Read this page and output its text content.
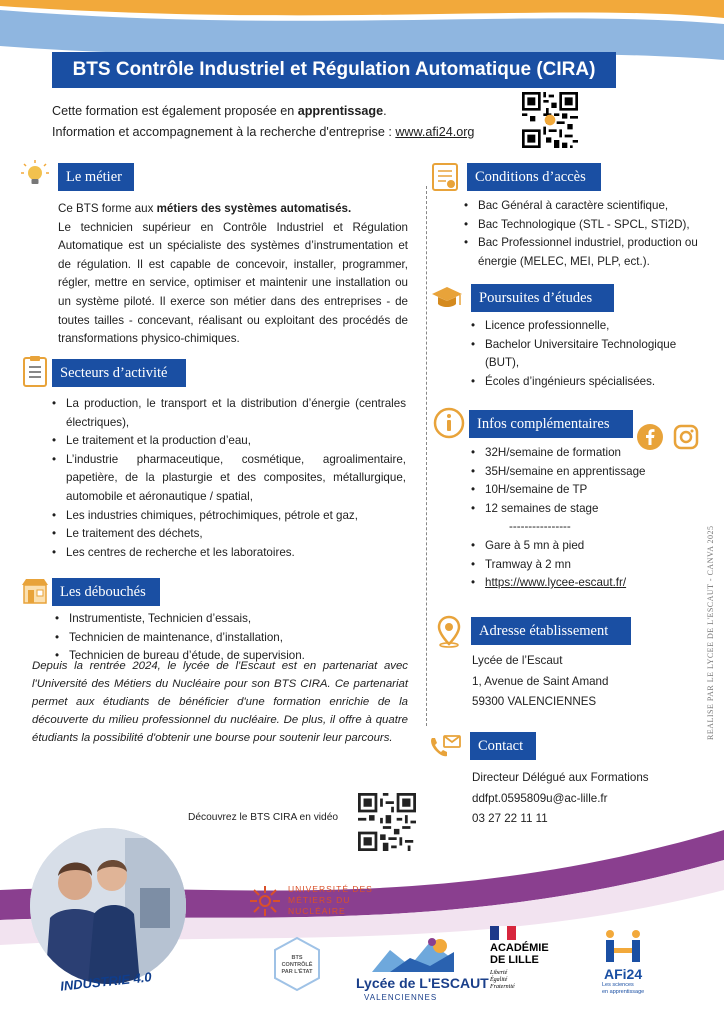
BTS Contrôle Industriel et Régulation Automatique (CIRA)
Cette formation est également proposée en apprentissage.
Information et accompagnement à la recherche d'entreprise : www.afi24.org
Le métier
Ce BTS forme aux métiers des systèmes automatisés.
Le technicien supérieur en Contrôle Industriel et Régulation Automatique est un spécialiste des systèmes d’instrumentation et de régulation. Il est capable de concevoir, installer, programmer, régler, mettre en service, optimiser et maintenir une installation ou un système piloté. Il exerce son métier dans des entreprises - de toutes tailles - concevant, réalisant ou exploitant des procédés de transformations physico-chimiques.
Secteurs d’activité
• La production, le transport et la distribution d’énergie (centrales électriques),
• Le traitement et la production d’eau,
• L’industrie pharmaceutique, cosmétique, agroalimentaire, papetière, de la plasturgie et des composites, métallurgique, automobile et aéronautique / spatial,
• Les industries chimiques, pétrochimiques, pétrole et gaz,
• Le traitement des déchets,
• Les centres de recherche et les laboratoires.
Les débouchés
• Instrumentiste, Technicien d’essais,
• Technicien de maintenance, d’installation,
• Technicien de bureau d’étude, de supervision.
Depuis la rentrée 2024, le lycée de l'Escaut est en partenariat avec l'Université des Métiers du Nucléaire pour son BTS CIRA. Ce partenariat permet aux étudiants de bénéficier d'une formation enrichie de la découverte du milieu professionnel du nucléaire. De plus, il offre à quatre étudiants la possibilité d'obtenir une bourse pour soutenir leur parcours.
Découvrez le BTS CIRA en vidéo
Conditions d’accès
• Bac Général à caractère scientifique,
• Bac Technologique (STL - SPCL, STi2D),
• Bac Professionnel industriel, production ou énergie (MELEC, MEI, PLP, ect.).
Poursuites d’études
• Licence professionnelle,
• Bachelor Universitaire Technologique (BUT),
• Écoles d’ingénieurs spécialisées.
Infos complémentaires
• 32H/semaine de formation
• 35H/semaine en apprentissage
• 10H/semaine de TP
• 12 semaines de stage
----------------
• Gare à 5 mn à pied
• Tramway à 2 mn
• https://www.lycee-escaut.fr/
Adresse établissement
Lycée de l’Escaut
1, Avenue de Saint Amand
59300 VALENCIENNES
Contact
Directeur Délégué aux Formations
ddfpt.0595809u@ac-lille.fr
03 27 22 11 11
REALISE PAR LE LYCEE DE L'ESCAUT - CANVA 2025
INDUSTRIE 4.0
UNIVERSITÉ DES
MÉTIERS DU
NUCLÉAIRE
BTS
CONTRÔLÉ
PAR L'ÉTAT
Lycée de L'ESCAUT
VALENCIENNES
ACADÉMIE
DE LILLE
Liberté
Égalité
Fraternité
AFi24
Les sciences
en apprentissage
